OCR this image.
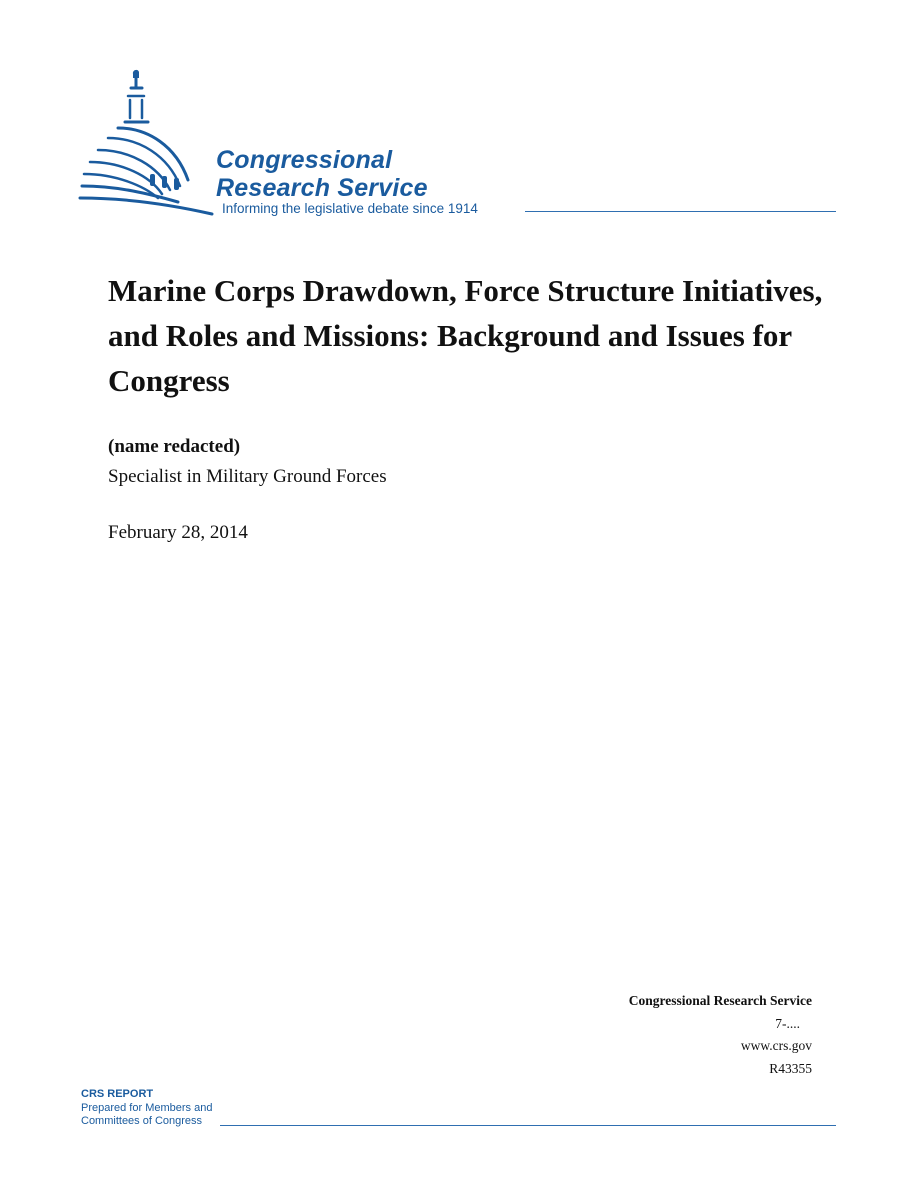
Congressional
Research Service
Informing the legislative debate since 1914
Marine Corps Drawdown, Force Structure Initiatives, and Roles and Missions: Background and Issues for Congress
(name redacted)
Specialist in Military Ground Forces
February 28, 2014
Congressional Research Service
7-....
www.crs.gov
R43355
CRS REPORT
Prepared for Members and
Committees of Congress
